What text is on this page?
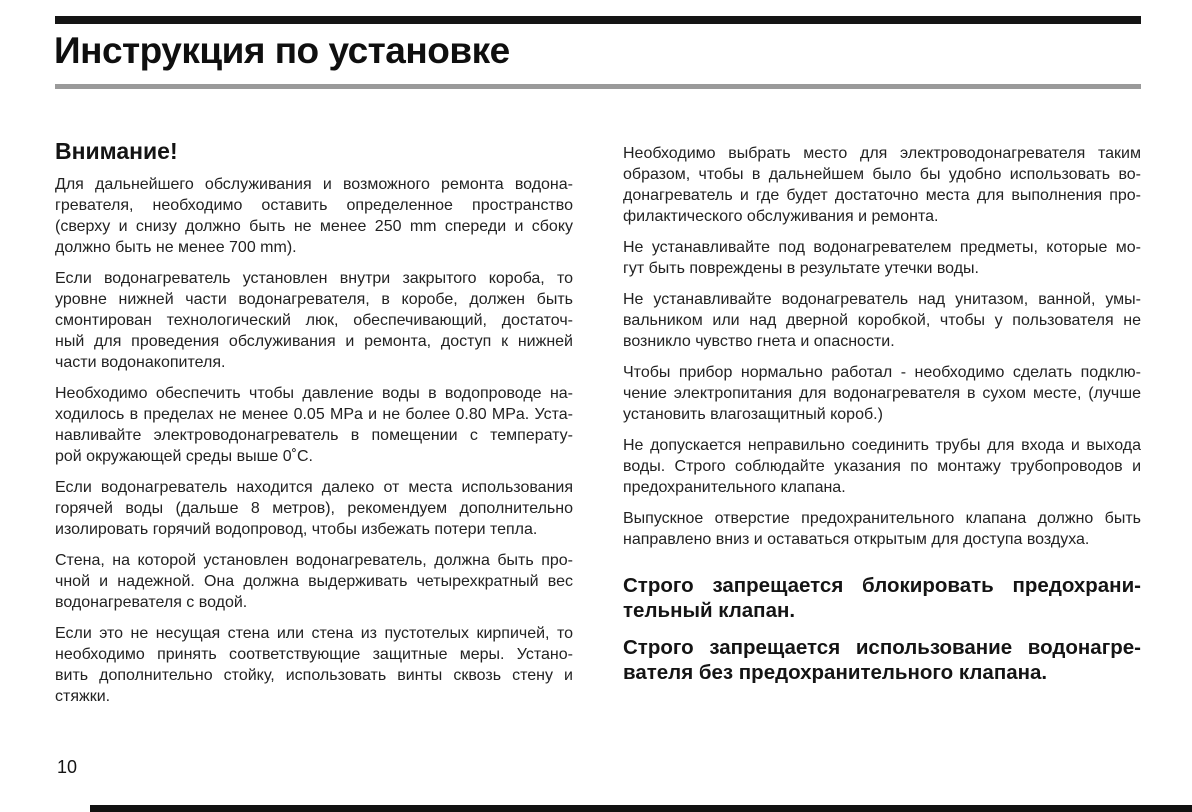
Инструкция по установке
Внимание!

Для дальнейшего обслуживания и возможного ремонта водона-
гревателя, необходимо оставить определенное пространство
(сверху и снизу должно быть не менее 250 mm спереди и сбоку
должно быть не менее 700 mm).

Если водонагреватель установлен внутри закрытого короба, то
уровне нижней части водонагревателя, в коробе, должен быть
смонтирован технологический люк, обеспечивающий, достаточ-
ный для проведения обслуживания и ремонта, доступ к нижней
части водонакопителя.

Необходимо обеспечить чтобы давление воды в водопроводе на-
ходилось в пределах не менее 0.05 MPa и не более 0.80 MPa. Уста-
навливайте электроводонагреватель в помещении с температу-
рой окружающей среды выше 0˚С.

Если водонагреватель находится далеко от места использования
горячей воды (дальше 8 метров), рекомендуем дополнительно
изолировать горячий водопровод, чтобы избежать потери тепла.

Стена, на которой установлен водонагреватель, должна быть про-
чной и надежной. Она должна выдерживать четырехкратный вес
водонагревателя с водой.

Если это не несущая стена или стена из пустотелых кирпичей, то
необходимо принять соответствующие защитные меры. Устано-
вить дополнительно стойку, использовать винты сквозь стену и
стяжки.

Необходимо выбрать место для электроводонагревателя таким
образом, чтобы в дальнейшем было бы удобно использовать во-
донагреватель и где будет достаточно места для выполнения про-
филактического обслуживания и ремонта.

Не устанавливайте под водонагревателем предметы, которые мо-
гут быть повреждены в результате утечки воды.

Не устанавливайте водонагреватель над унитазом, ванной, умы-
вальником или над дверной коробкой, чтобы у пользователя не
возникло чувство гнета и опасности.

Чтобы прибор нормально работал - необходимо сделать подклю-
чение электропитания для водонагревателя в сухом месте, (лучше
установить влагозащитный короб.)

Не допускается неправильно соединить трубы для входа и выхода
воды. Строго соблюдайте указания по монтажу трубопроводов и
предохранительного клапана.

Выпускное отверстие предохранительного клапана должно быть
направлено вниз и оставаться открытым для доступа воздуха.

Строго запрещается блокировать предохрани-
тельный клапан.

Строго запрещается использование водонагре-
вателя без предохранительного клапана.

10
